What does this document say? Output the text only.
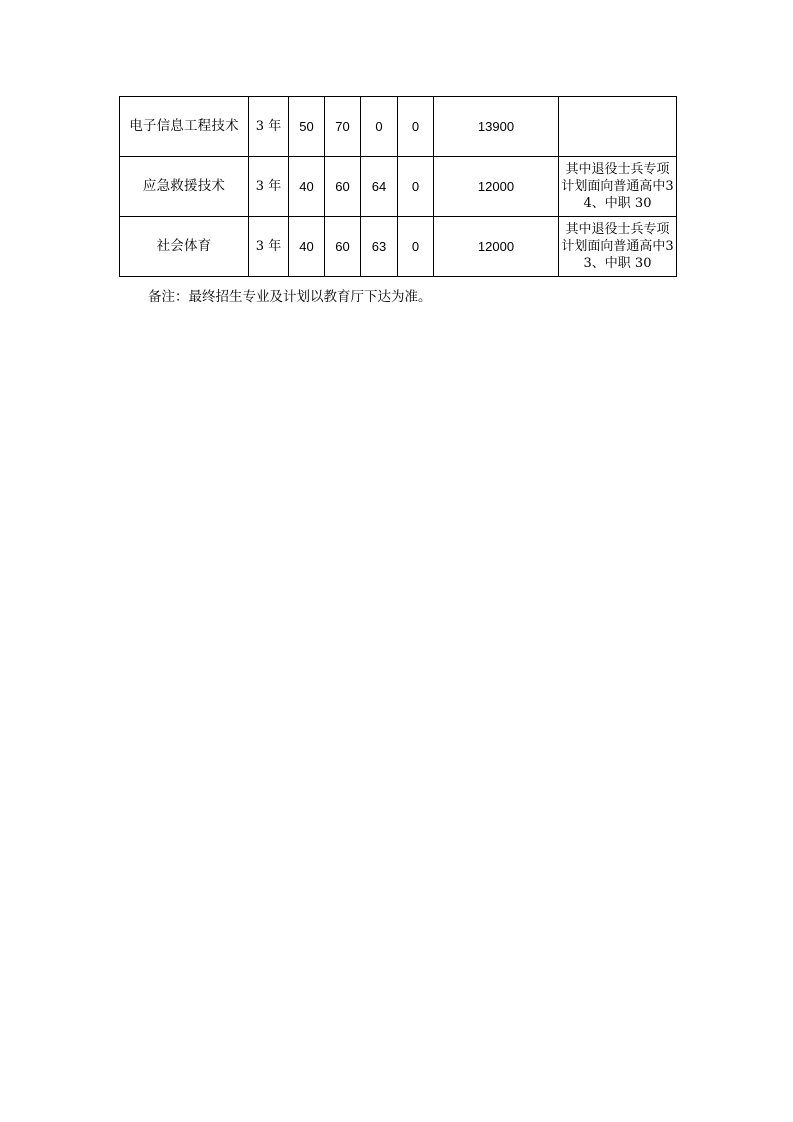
电子信息工程技术	3 年	50	70	0	0	13900	
应急救援技术	3 年	40	60	64	0	12000	其中退役士兵专项计划面向普通高中34、中职 30
社会体育	3 年	40	60	63	0	12000	其中退役士兵专项计划面向普通高中33、中职 30
备注：最终招生专业及计划以教育厅下达为准。
